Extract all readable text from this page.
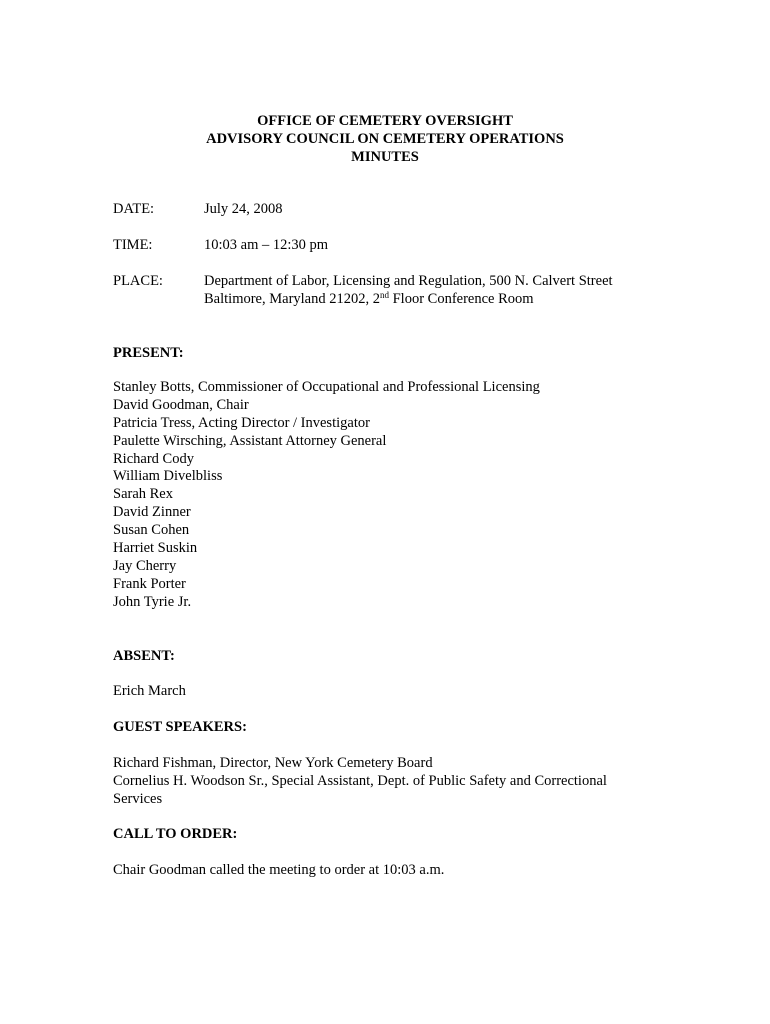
OFFICE OF CEMETERY OVERSIGHT
ADVISORY COUNCIL ON CEMETERY OPERATIONS
MINUTES
DATE:	July 24, 2008
TIME:	10:03 am – 12:30 pm
PLACE:	Department of Labor, Licensing and Regulation, 500 N. Calvert Street
Baltimore, Maryland 21202, 2nd Floor Conference Room
PRESENT:
Stanley Botts, Commissioner of Occupational and Professional Licensing
David Goodman, Chair
Patricia Tress, Acting Director / Investigator
Paulette Wirsching, Assistant Attorney General
Richard Cody
William Divelbliss
Sarah Rex
David Zinner
Susan Cohen
Harriet Suskin
Jay Cherry
Frank Porter
John Tyrie Jr.
ABSENT:
Erich March
GUEST SPEAKERS:
Richard Fishman, Director, New York Cemetery Board
Cornelius H. Woodson Sr., Special Assistant, Dept. of Public Safety and Correctional
Services
CALL TO ORDER:
Chair Goodman called the meeting to order at 10:03 a.m.
